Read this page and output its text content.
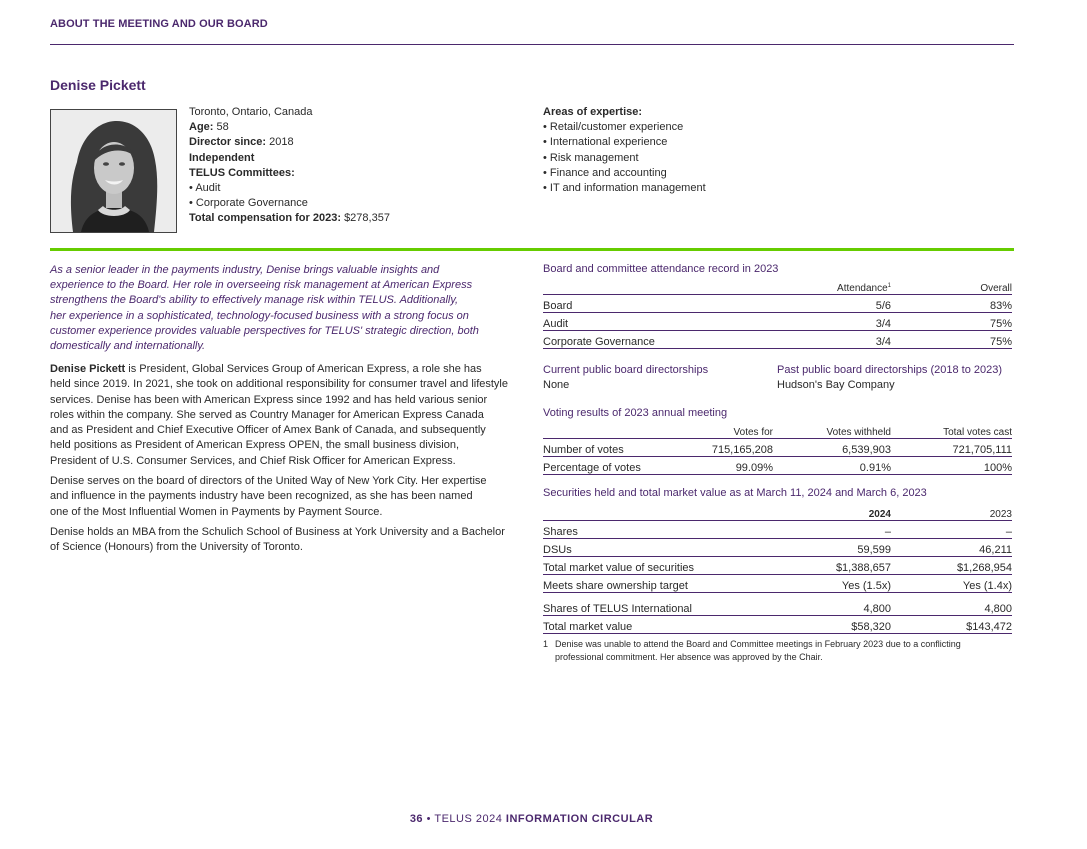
ABOUT THE MEETING AND OUR BOARD
Denise Pickett
Toronto, Ontario, Canada
Age: 58
Director since: 2018
Independent
TELUS Committees:
• Audit
• Corporate Governance
Total compensation for 2023: $278,357
Areas of expertise:
• Retail/customer experience
• International experience
• Risk management
• Finance and accounting
• IT and information management
As a senior leader in the payments industry, Denise brings valuable insights and
experience to the Board. Her role in overseeing risk management at American Express
strengthens the Board's ability to effectively manage risk within TELUS. Additionally,
her experience in a sophisticated, technology-focused business with a strong focus on
customer experience provides valuable perspectives for TELUS' strategic direction, both
domestically and internationally.
Denise Pickett is President, Global Services Group of American Express, a role she has
held since 2019. In 2021, she took on additional responsibility for consumer travel and lifestyle
services. Denise has been with American Express since 1992 and has held various senior
roles within the company. She served as Country Manager for American Express Canada
and as President and Chief Executive Officer of Amex Bank of Canada, and subsequently
held positions as President of American Express OPEN, the small business division,
President of U.S. Consumer Services, and Chief Risk Officer for American Express.
Denise serves on the board of directors of the United Way of New York City. Her expertise
and influence in the payments industry have been recognized, as she has been named
one of the Most Influential Women in Payments by Payment Source.
Denise holds an MBA from the Schulich School of Business at York University and a Bachelor
of Science (Honours) from the University of Toronto.
Board and committee attendance record in 2023
	Attendance$^1$	Overall
Board	5/6	83%
Audit	3/4	75%
Corporate Governance	3/4	75%
Current public board directorships
None
Past public board directorships (2018 to 2023)
Hudson's Bay Company
Voting results of 2023 annual meeting
	Votes for	Votes withheld	Total votes cast
Number of votes	715,165,208	6,539,903	721,705,111
Percentage of votes	99.09%	0.91%	100%
Securities held and total market value as at March 11, 2024 and March 6, 2023
	2024	2023
Shares	–	–
DSUs	59,599	46,211
Total market value of securities	$1,388,657	$1,268,954
Meets share ownership target	Yes (1.5x)	Yes (1.4x)
Shares of TELUS International	4,800	4,800
Total market value	$58,320	$143,472
1 Denise was unable to attend the Board and Committee meetings in February 2023 due to a conflicting
professional commitment. Her absence was approved by the Chair.
36 • TELUS 2024 INFORMATION CIRCULAR
